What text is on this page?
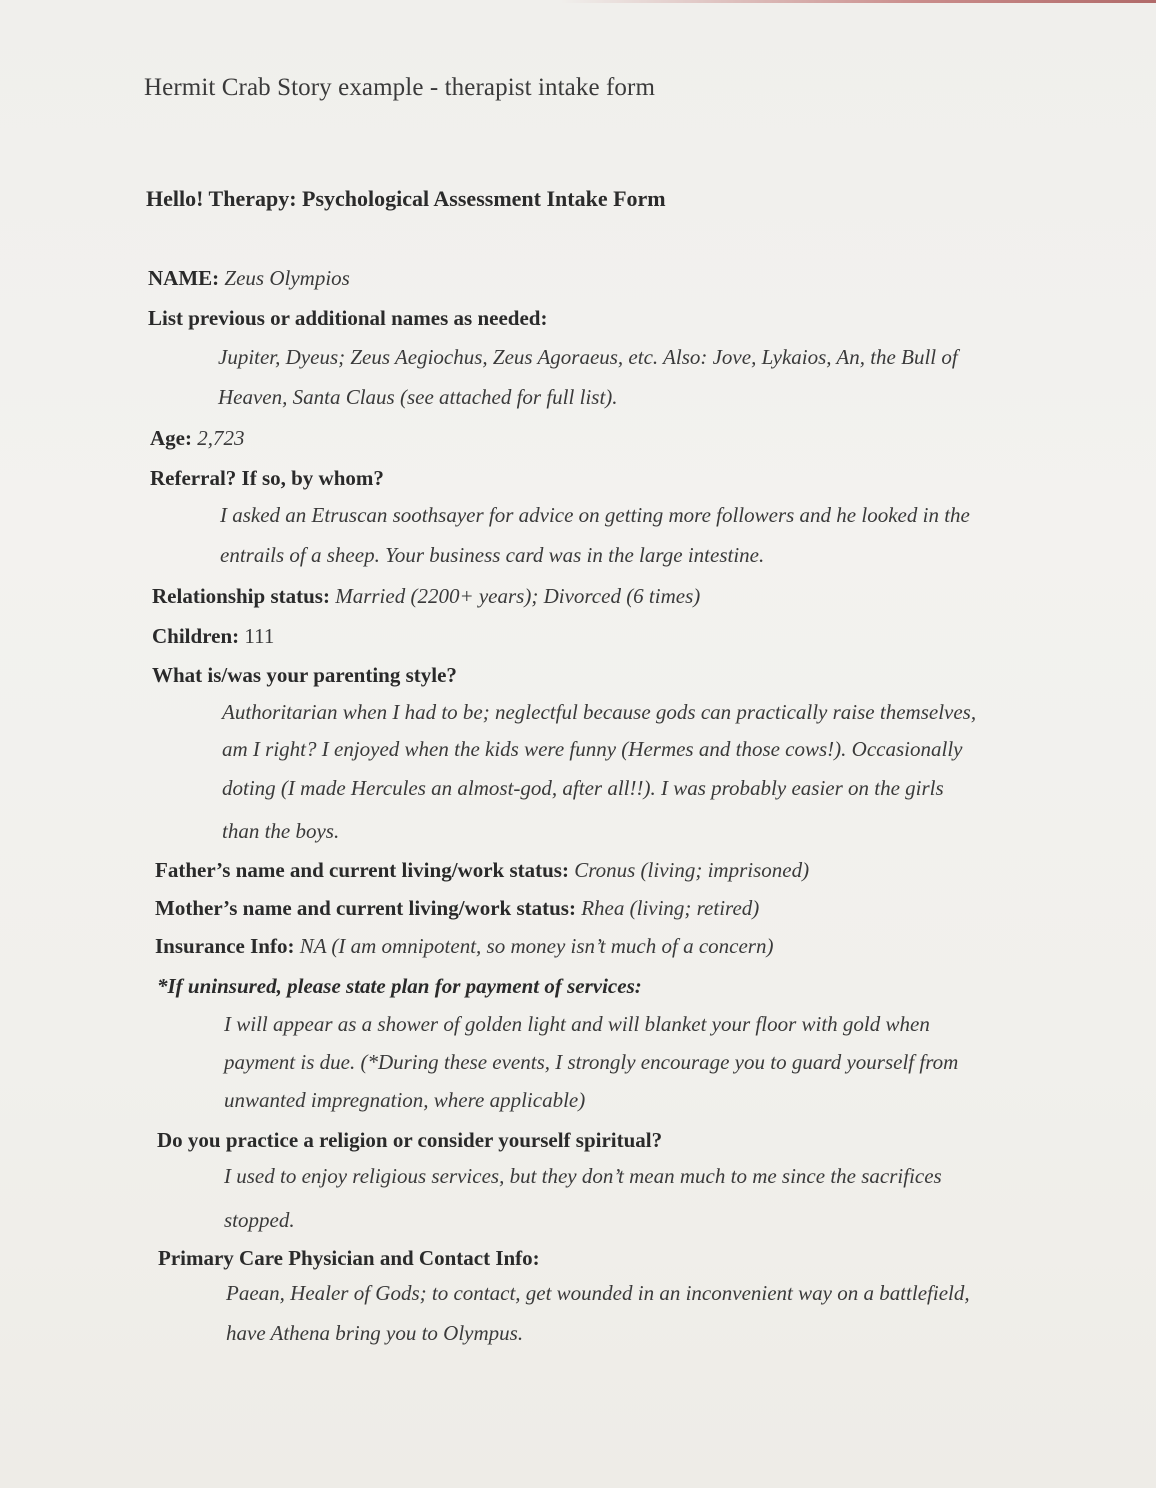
Hermit Crab Story example - therapist intake form
Hello! Therapy: Psychological Assessment Intake Form
NAME: Zeus Olympios
List previous or additional names as needed:
Jupiter, Dyeus; Zeus Aegiochus, Zeus Agoraeus, etc. Also: Jove, Lykaios, An, the Bull of
Heaven, Santa Claus (see attached for full list).
Age: 2,723
Referral? If so, by whom?
I asked an Etruscan soothsayer for advice on getting more followers and he looked in the
entrails of a sheep. Your business card was in the large intestine.
Relationship status: Married (2200+ years); Divorced (6 times)
Children: 111
What is/was your parenting style?
Authoritarian when I had to be; neglectful because gods can practically raise themselves,
am I right? I enjoyed when the kids were funny (Hermes and those cows!). Occasionally
doting (I made Hercules an almost-god, after all!!). I was probably easier on the girls
than the boys.
Father’s name and current living/work status: Cronus (living; imprisoned)
Mother’s name and current living/work status: Rhea (living; retired)
Insurance Info: NA (I am omnipotent, so money isn’t much of a concern)
*If uninsured, please state plan for payment of services:
I will appear as a shower of golden light and will blanket your floor with gold when
payment is due. (*During these events, I strongly encourage you to guard yourself from
unwanted impregnation, where applicable)
Do you practice a religion or consider yourself spiritual?
I used to enjoy religious services, but they don’t mean much to me since the sacrifices
stopped.
Primary Care Physician and Contact Info:
Paean, Healer of Gods; to contact, get wounded in an inconvenient way on a battlefield,
have Athena bring you to Olympus.
